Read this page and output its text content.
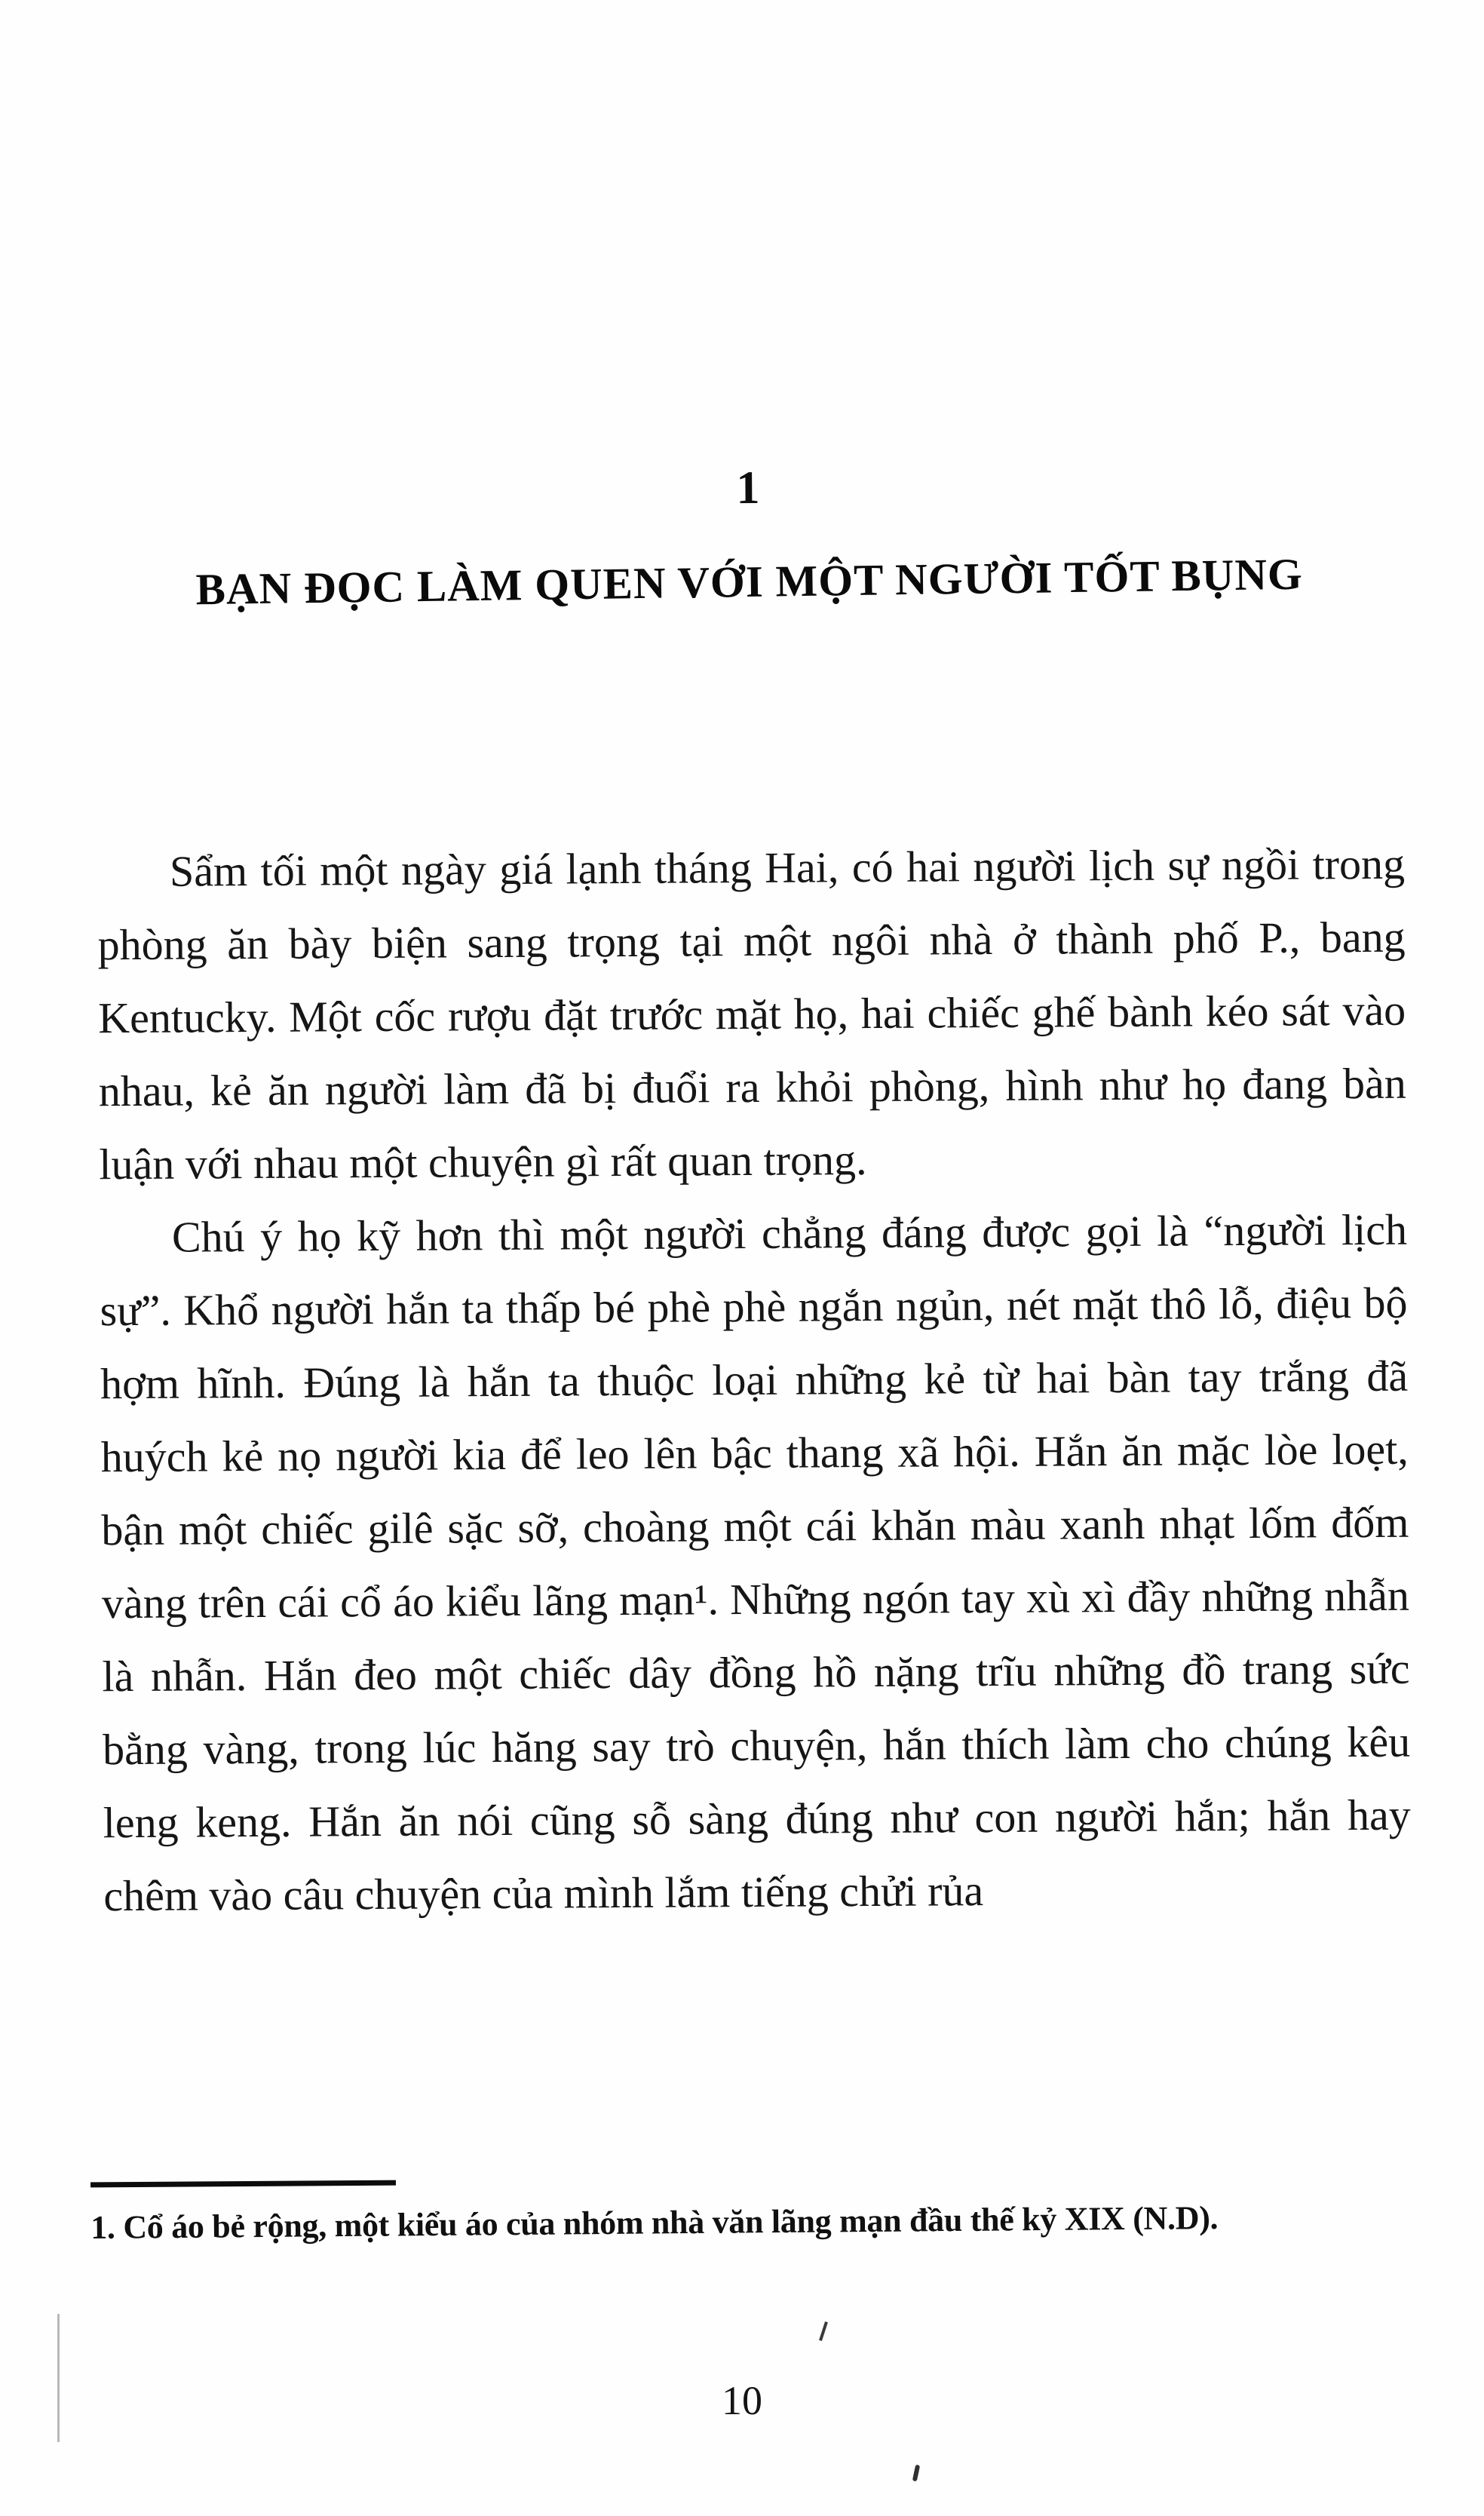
1
BẠN ĐỌC LÀM QUEN VỚI MỘT NGƯỜI TỐT BỤNG

Sẩm tối một ngày giá lạnh tháng Hai, có hai người lịch sự ngồi trong phòng ăn bày biện sang trọng tại một ngôi nhà ở thành phố P., bang Kentucky. Một cốc rượu đặt trước mặt họ, hai chiếc ghế bành kéo sát vào nhau, kẻ ăn người làm đã bị đuổi ra khỏi phòng, hình như họ đang bàn luận với nhau một chuyện gì rất quan trọng.

Chú ý họ kỹ hơn thì một người chẳng đáng được gọi là “người lịch sự”. Khổ người hắn ta thấp bé phè phè ngắn ngủn, nét mặt thô lỗ, điệu bộ hợm hĩnh. Đúng là hắn ta thuộc loại những kẻ từ hai bàn tay trắng đã huých kẻ nọ người kia để leo lên bậc thang xã hội. Hắn ăn mặc lòe loẹt, bận một chiếc gilê sặc sỡ, choàng một cái khăn màu xanh nhạt lốm đốm vàng trên cái cổ áo kiểu lãng mạn¹. Những ngón tay xù xì đầy những nhẫn là nhẫn. Hắn đeo một chiếc dây đồng hồ nặng trĩu những đồ trang sức bằng vàng, trong lúc hăng say trò chuyện, hắn thích làm cho chúng kêu leng keng. Hắn ăn nói cũng sỗ sàng đúng như con người hắn; hắn hay chêm vào câu chuyện của mình lắm tiếng chửi rủa

1. Cổ áo bẻ rộng, một kiểu áo của nhóm nhà văn lãng mạn đầu thế kỷ XIX (N.D).
10
